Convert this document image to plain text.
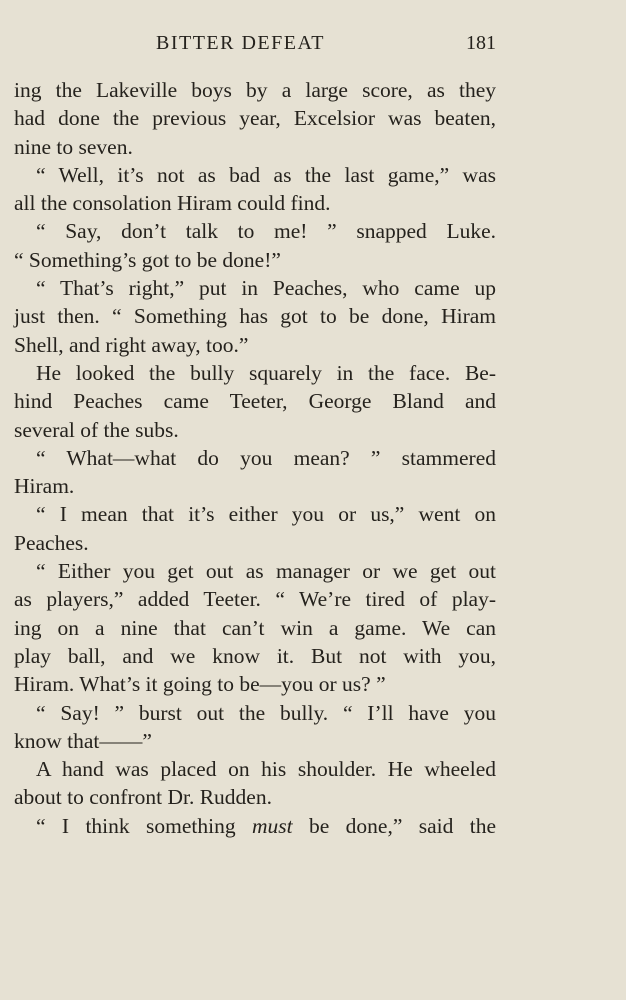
BITTER DEFEAT	181
ing the Lakeville boys by a large score, as they
had done the previous year, Excelsior was beaten,
nine to seven.
“ Well, it’s not as bad as the last game,” was
all the consolation Hiram could find.
“ Say, don’t talk to me! ” snapped Luke.
“ Something’s got to be done!”
“ That’s right,” put in Peaches, who came up
just then. “ Something has got to be done, Hiram
Shell, and right away, too.”
He looked the bully squarely in the face. Be-
hind Peaches came Teeter, George Bland and
several of the subs.
“ What—what do you mean? ” stammered
Hiram.
“ I mean that it’s either you or us,” went on
Peaches.
“ Either you get out as manager or we get out
as players,” added Teeter. “ We’re tired of play-
ing on a nine that can’t win a game. We can
play ball, and we know it. But not with you,
Hiram. What’s it going to be—you or us? ”
“ Say! ” burst out the bully. “ I’ll have you
know that——”
A hand was placed on his shoulder. He wheeled
about to confront Dr. Rudden.
“ I think something must be done,” said the
